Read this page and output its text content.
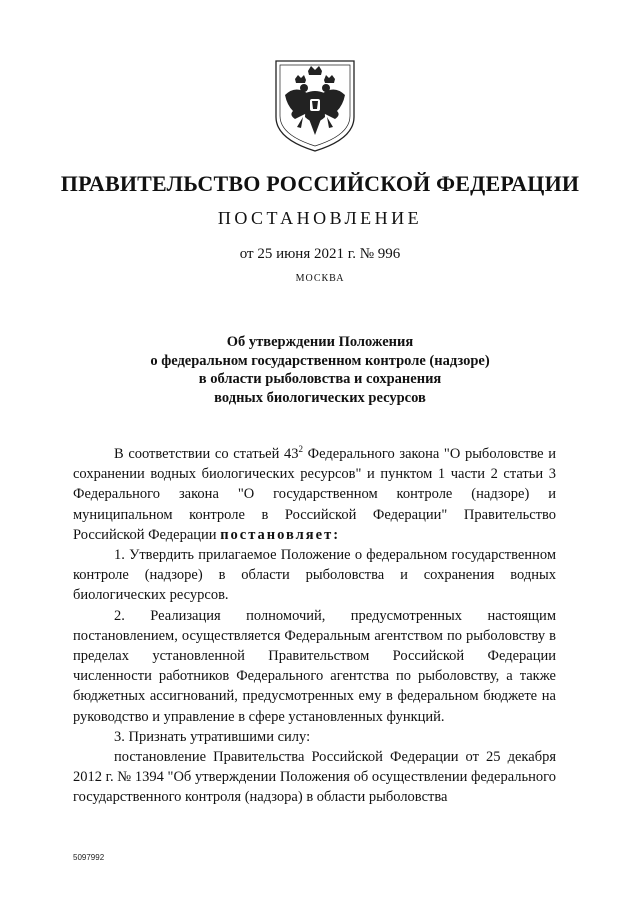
ПРАВИТЕЛЬСТВО РОССИЙСКОЙ ФЕДЕРАЦИИ
ПОСТАНОВЛЕНИЕ
от 25 июня 2021 г. № 996
МОСКВА
Об утверждении Положения
о федеральном государственном контроле (надзоре)
в области рыболовства и сохранения
водных биологических ресурсов

В соответствии со статьей $43^2$ Федерального закона "О рыболовстве и сохранении водных биологических ресурсов" и пунктом 1 части 2 статьи 3 Федерального закона "О государственном контроле (надзоре) и муниципальном контроле в Российской Федерации" Правительство Российской Федерации постановляет:

1. Утвердить прилагаемое Положение о федеральном государственном контроле (надзоре) в области рыболовства и сохранения водных биологических ресурсов.

2. Реализация полномочий, предусмотренных настоящим постановлением, осуществляется Федеральным агентством по рыболовству в пределах установленной Правительством Российской Федерации численности работников Федерального агентства по рыболовству, а также бюджетных ассигнований, предусмотренных ему в федеральном бюджете на руководство и управление в сфере установленных функций.

3. Признать утратившими силу:

постановление Правительства Российской Федерации от 25 декабря 2012 г. № 1394 "Об утверждении Положения об осуществлении федерального государственного контроля (надзора) в области рыболовства

5097992
